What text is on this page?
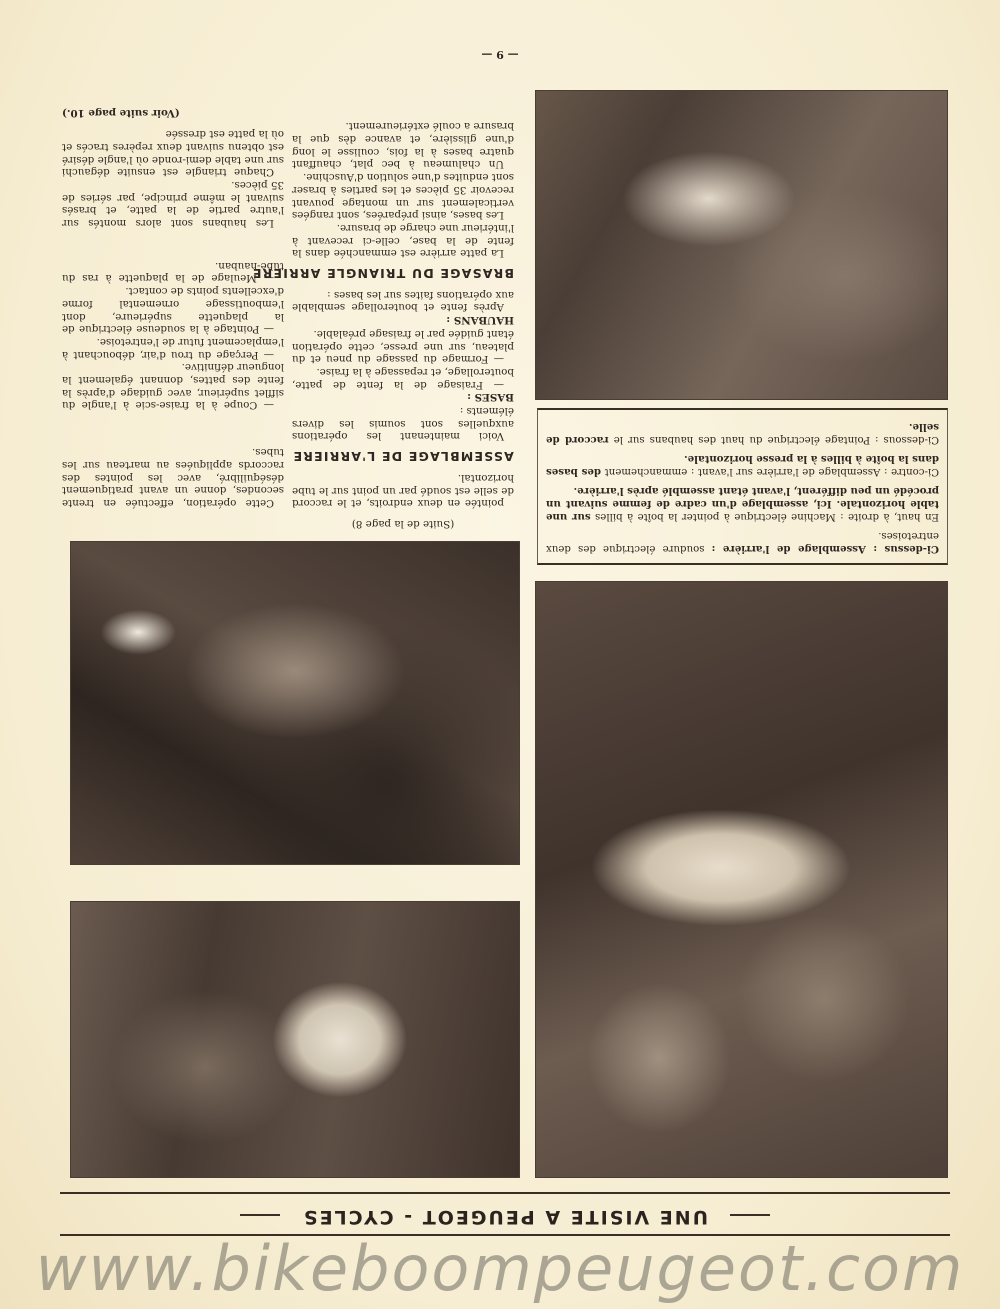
UNE VISITE A PEUGEOT - CYCLES

Ci-dessus : Assemblage de l'arrière : soudure électrique des deux entretoises.

En haut, à droite : Machine électrique à pointer la boîte à billes sur une table horizontale. Ici, assemblage d'un cadre de femme suivant un procédé un peu différent, l'avant étant assemblé après l'arrière.

Ci-contre : Assemblage de l'arrière sur l'avant : emmanchement des bases dans la boîte à billes à la presse horizontale.

Ci-dessous : Pointage électrique du haut des haubans sur le raccord de selle.

(Suite de la page 8)

pointée en deux endroits, et le raccord de selle est soudé par un point sur le tube horizontal.

ASSEMBLAGE DE L'ARRIERE

Voici maintenant les opérations auxquelles sont soumis les divers éléments :

BASES :

— Fraisage de la fente de patte, bouterollage, et repassage à la fraise.

— Formage du passage du pneu et du plateau, sur une presse, cette opération étant guidée par le fraisage préalable.

HAUBANS :

Après fente et bouterollage semblable aux opérations faites sur les bases :

BRASAGE DU TRIANGLE ARRIERE

La patte arrière est emmanchée dans la fente de la base, celle-ci recevant à l'intérieur une charge de brasure.

Les bases, ainsi préparées, sont rangées verticalement sur un montage pouvant recevoir 35 pièces et les parties à braser sont enduites d'une solution d'Auschine.

Un chalumeau à bec plat, chauffant quatre bases à la fois, coulisse le long d'une glissière, et avance dès que la brasure a coulé extérieurement.

Cette opération, effectuée en trente secondes, donne un avant pratiquement déséquilibré, avec les pointes des raccords appliquées au marteau sur les tubes.

— Coupe à la fraise-scie à l'angle du sifflet supérieur, avec guidage d'après la fente des pattes, donnant également la longueur définitive.

— Perçage du trou d'air, débouchant à l'emplacement futur de l'entretoise.

— Pointage à la soudeuse électrique de la plaquette supérieure, dont l'emboutissage ornemental forme d'excellents points de contact.

— Meulage de la plaquette à ras du tube-hauban.

Les haubans sont alors montés sur l'autre partie de la patte, et brasés suivant le même principe, par séries de 35 pièces.

Chaque triangle est ensuite dégauchi sur une table demi-ronde où l'angle désiré est obtenu suivant deux repères tracés et où la patte est dressée

(Voir suite page 10.)

— 9 —
www.bikeboompeugeot.com
